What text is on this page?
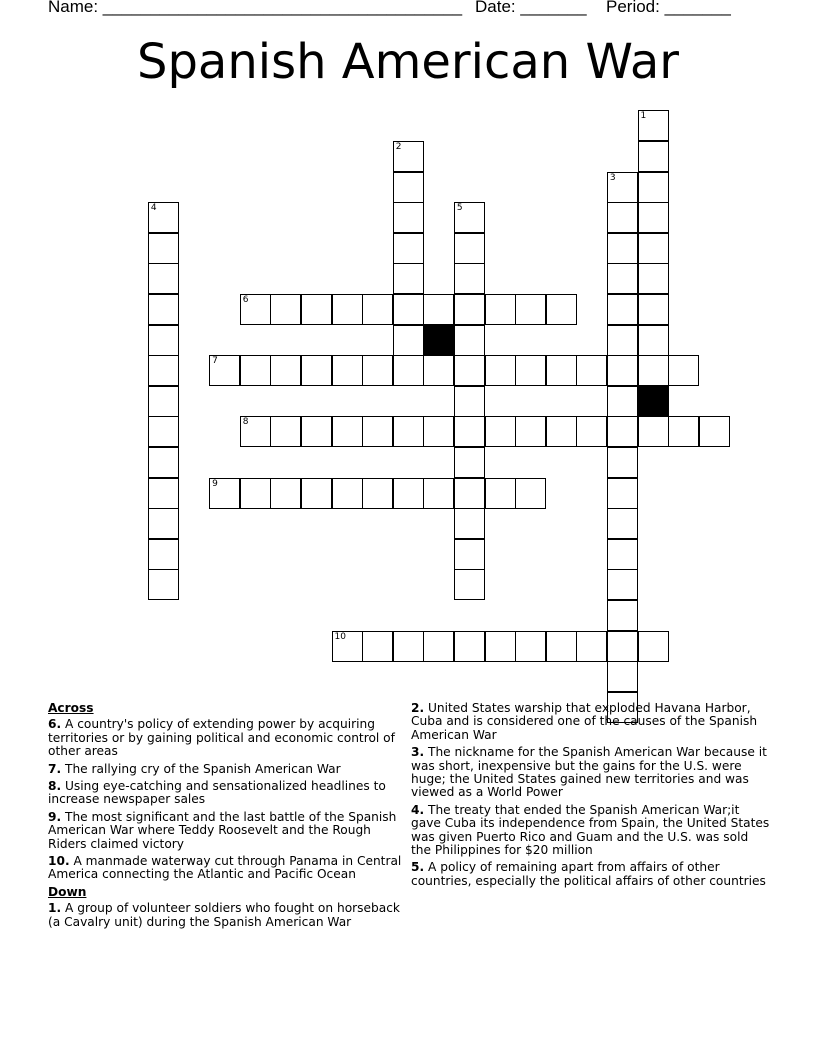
Name: ______________________________________ Date: _______ Period: _______
Spanish American War
1
2
3
4	5
6
7
8
9
10
Across
6. A country's policy of extending power by acquiring territories or by gaining political and economic control of other areas
7. The rallying cry of the Spanish American War
8. Using eye-catching and sensationalized headlines to increase newspaper sales
9. The most significant and the last battle of the Spanish American War where Teddy Roosevelt and the Rough Riders claimed victory
10. A manmade waterway cut through Panama in Central America connecting the Atlantic and Pacific Ocean
Down
1. A group of volunteer soldiers who fought on horseback (a Cavalry unit) during the Spanish American War
2. United States warship that exploded Havana Harbor, Cuba and is considered one of the causes of the Spanish American War
3. The nickname for the Spanish American War because it was short, inexpensive but the gains for the U.S. were huge; the United States gained new territories and was viewed as a World Power
4. The treaty that ended the Spanish American War;it gave Cuba its independence from Spain, the United States was given Puerto Rico and Guam and the U.S. was sold the Philippines for $20 million
5. A policy of remaining apart from affairs of other countries, especially the political affairs of other countries
